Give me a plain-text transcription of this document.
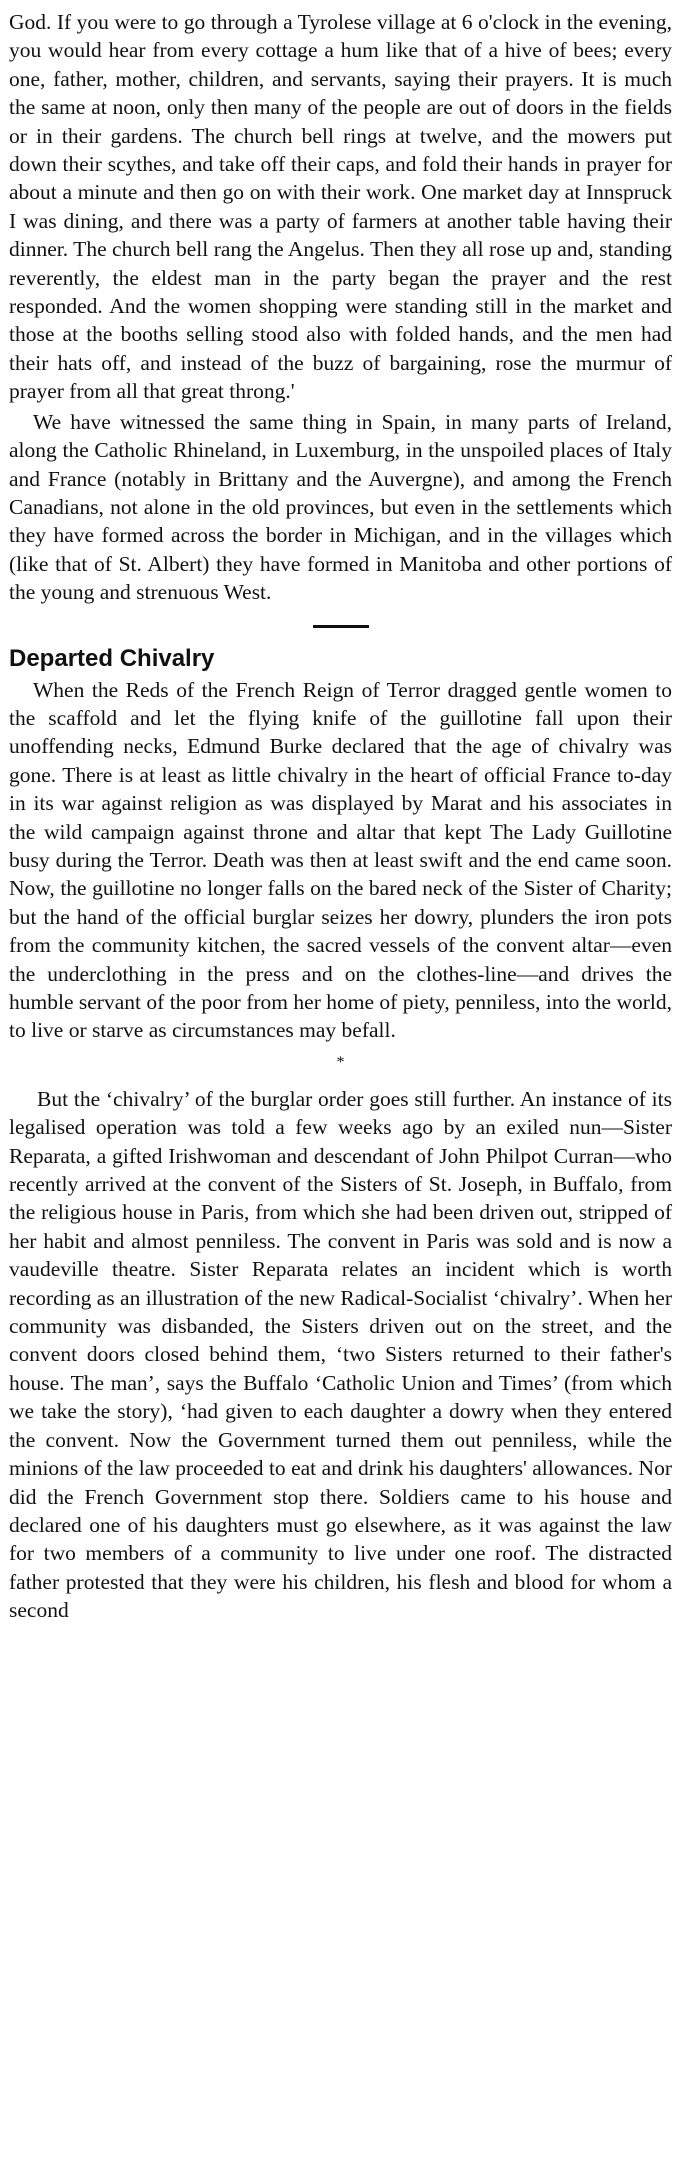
God. If you were to go through a Tyrolese village at 6 o'clock in the evening, you would hear from every cottage a hum like that of a hive of bees; every one, father, mother, children, and servants, saying their prayers. It is much the same at noon, only then many of the people are out of doors in the fields or in their gardens. The church bell rings at twelve, and the mowers put down their scythes, and take off their caps, and fold their hands in prayer for about a minute and then go on with their work. One market day at Innspruck I was dining, and there was a party of farmers at another table having their dinner. The church bell rang the Angelus. Then they all rose up and, standing reverently, the eldest man in the party began the prayer and the rest responded. And the women shopping were standing still in the market and those at the booths selling stood also with folded hands, and the men had their hats off, and instead of the buzz of bargaining, rose the murmur of prayer from all that great throng.'

We have witnessed the same thing in Spain, in many parts of Ireland, along the Catholic Rhineland, in Luxemburg, in the unspoiled places of Italy and France (notably in Brittany and the Auvergne), and among the French Canadians, not alone in the old provinces, but even in the settlements which they have formed across the border in Michigan, and in the villages which (like that of St. Albert) they have formed in Manitoba and other portions of the young and strenuous West.

Departed Chivalry

When the Reds of the French Reign of Terror dragged gentle women to the scaffold and let the flying knife of the guillotine fall upon their unoffending necks, Edmund Burke declared that the age of chivalry was gone. There is at least as little chivalry in the heart of official France to-day in its war against religion as was displayed by Marat and his associates in the wild campaign against throne and altar that kept The Lady Guillotine busy during the Terror. Death was then at least swift and the end came soon. Now, the guillotine no longer falls on the bared neck of the Sister of Charity; but the hand of the official burglar seizes her dowry, plunders the iron pots from the community kitchen, the sacred vessels of the convent altar—even the underclothing in the press and on the clothes-line—and drives the humble servant of the poor from her home of piety, penniless, into the world, to live or starve as circumstances may befall.

*

But the ‘chivalry’ of the burglar order goes still further. An instance of its legalised operation was told a few weeks ago by an exiled nun—Sister Reparata, a gifted Irishwoman and descendant of John Philpot Curran—who recently arrived at the convent of the Sisters of St. Joseph, in Buffalo, from the religious house in Paris, from which she had been driven out, stripped of her habit and almost penniless. The convent in Paris was sold and is now a vaudeville theatre. Sister Reparata relates an incident which is worth recording as an illustration of the new Radical-Socialist ‘chivalry’. When her community was disbanded, the Sisters driven out on the street, and the convent doors closed behind them, ‘two Sisters returned to their father's house. The man’, says the Buffalo ‘Catholic Union and Times’ (from which we take the story), ‘had given to each daughter a dowry when they entered the convent. Now the Government turned them out penniless, while the minions of the law proceeded to eat and drink his daughters' allowances. Nor did the French Government stop there. Soldiers came to his house and declared one of his daughters must go elsewhere, as it was against the law for two members of a community to live under one roof. The distracted father protested that they were his children, his flesh and blood for whom a second
